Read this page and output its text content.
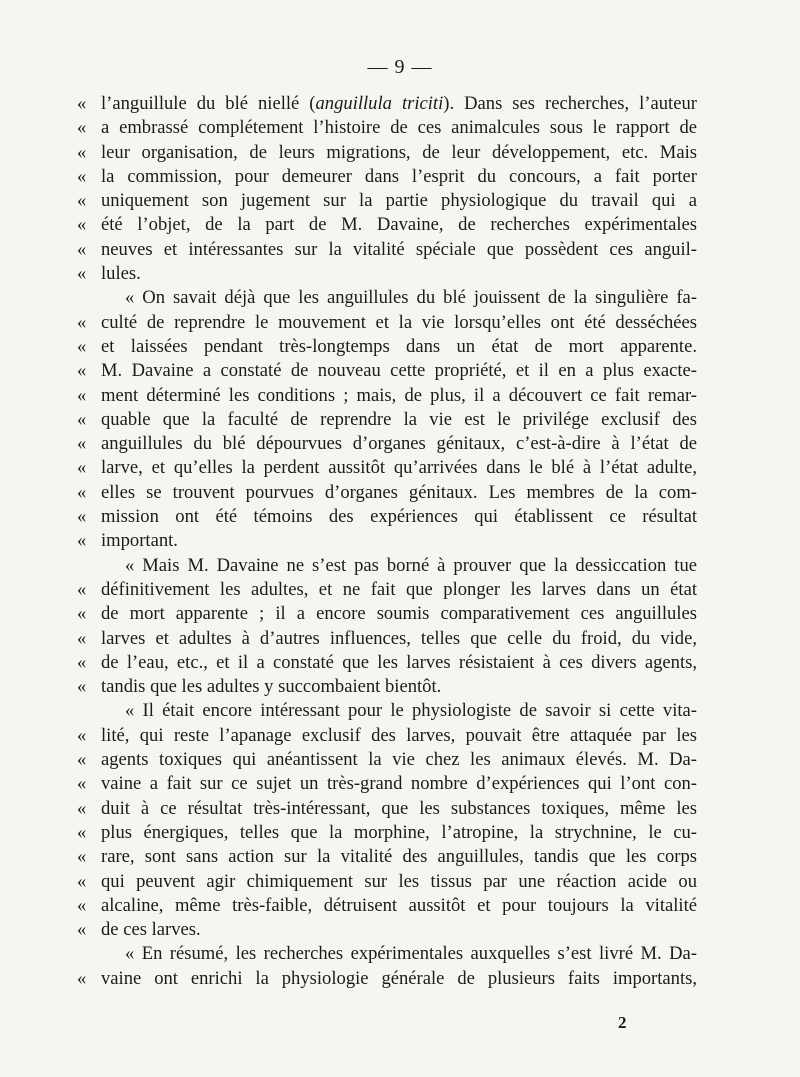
— 9 —
« l’anguillule du blé niellé (anguillula triciti). Dans ses recherches, l’auteur
« a embrassé complétement l’histoire de ces animalcules sous le rapport de
« leur organisation, de leurs migrations, de leur développement, etc. Mais
« la commission, pour demeurer dans l’esprit du concours, a fait porter
« uniquement son jugement sur la partie physiologique du travail qui a
« été l’objet, de la part de M. Davaine, de recherches expérimentales
« neuves et intéressantes sur la vitalité spéciale que possèdent ces anguil-
« lules.
« On savait déjà que les anguillules du blé jouissent de la singulière fa-
« culté de reprendre le mouvement et la vie lorsqu’elles ont été desséchées
« et laissées pendant très-longtemps dans un état de mort apparente.
« M. Davaine a constaté de nouveau cette propriété, et il en a plus exacte-
« ment déterminé les conditions ; mais, de plus, il a découvert ce fait remar-
« quable que la faculté de reprendre la vie est le privilége exclusif des
« anguillules du blé dépourvues d’organes génitaux, c’est-à-dire à l’état de
« larve, et qu’elles la perdent aussitôt qu’arrivées dans le blé à l’état adulte,
« elles se trouvent pourvues d’organes génitaux. Les membres de la com-
« mission ont été témoins des expériences qui établissent ce résultat
« important.
« Mais M. Davaine ne s’est pas borné à prouver que la dessiccation tue
« définitivement les adultes, et ne fait que plonger les larves dans un état
« de mort apparente ; il a encore soumis comparativement ces anguillules
« larves et adultes à d’autres influences, telles que celle du froid, du vide,
« de l’eau, etc., et il a constaté que les larves résistaient à ces divers agents,
« tandis que les adultes y succombaient bientôt.
« Il était encore intéressant pour le physiologiste de savoir si cette vita-
« lité, qui reste l’apanage exclusif des larves, pouvait être attaquée par les
« agents toxiques qui anéantissent la vie chez les animaux élevés. M. Da-
« vaine a fait sur ce sujet un très-grand nombre d’expériences qui l’ont con-
« duit à ce résultat très-intéressant, que les substances toxiques, même les
« plus énergiques, telles que la morphine, l’atropine, la strychnine, le cu-
« rare, sont sans action sur la vitalité des anguillules, tandis que les corps
« qui peuvent agir chimiquement sur les tissus par une réaction acide ou
« alcaline, même très-faible, détruisent aussitôt et pour toujours la vitalité
« de ces larves.
« En résumé, les recherches expérimentales auxquelles s’est livré M. Da-
« vaine ont enrichi la physiologie générale de plusieurs faits importants,
2
